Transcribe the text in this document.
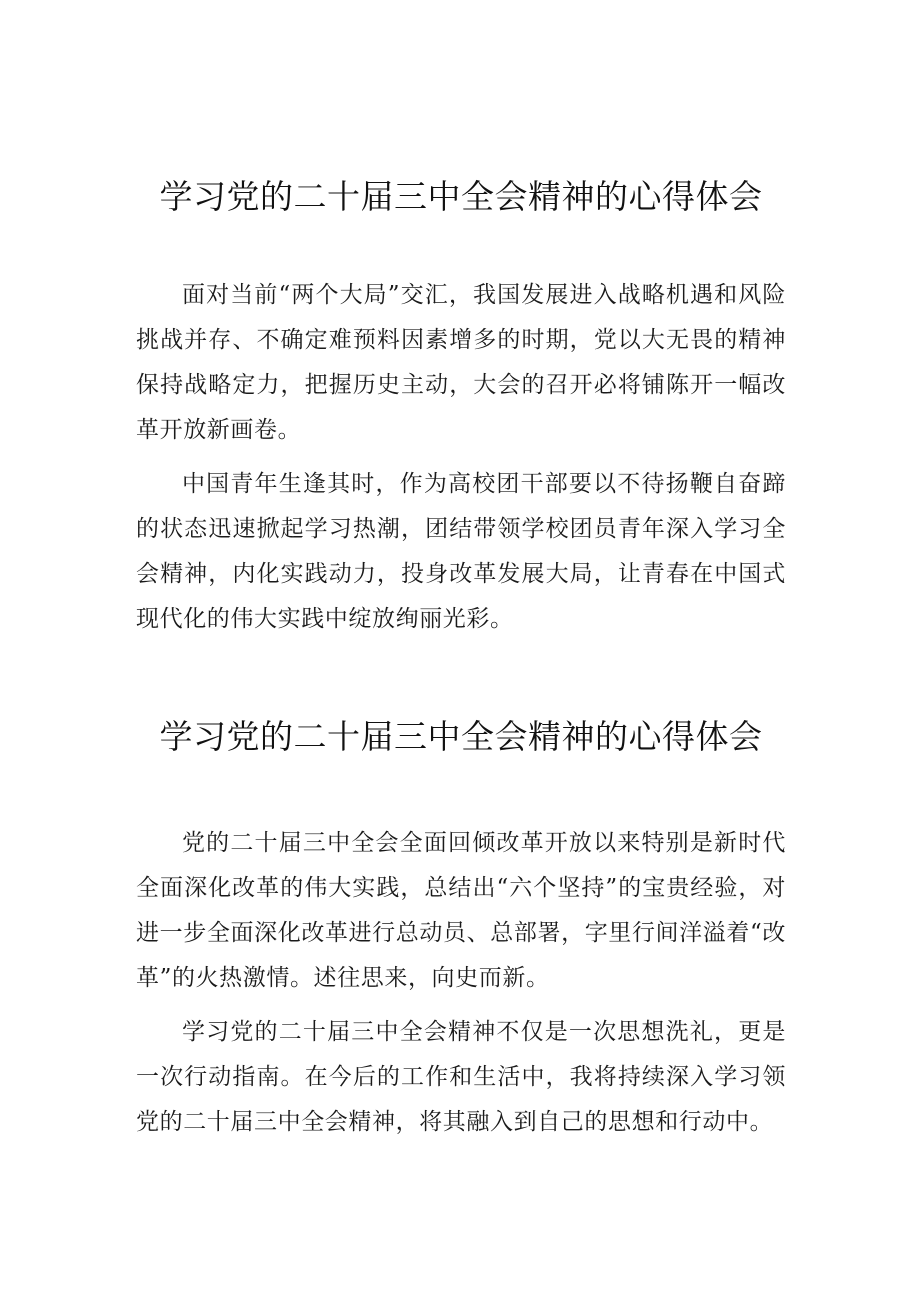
学习党的二十届三中全会精神的心得体会

面对当前“两个大局”交汇，我国发展进入战略机遇和风险挑战并存、不确定难预料因素增多的时期，党以大无畏的精神保持战略定力，把握历史主动，大会的召开必将铺陈开一幅改革开放新画卷。

中国青年生逢其时，作为高校团干部要以不待扬鞭自奋蹄的状态迅速掀起学习热潮，团结带领学校团员青年深入学习全会精神，内化实践动力，投身改革发展大局，让青春在中国式现代化的伟大实践中绽放绚丽光彩。

学习党的二十届三中全会精神的心得体会

党的二十届三中全会全面回倾改革开放以来特别是新时代全面深化改革的伟大实践，总结出“六个坚持”的宝贵经验，对进一步全面深化改革进行总动员、总部署，字里行间洋溢着“改革”的火热激情。述往思来，向史而新。

学习党的二十届三中全会精神不仅是一次思想洗礼，更是一次行动指南。在今后的工作和生活中，我将持续深入学习领党的二十届三中全会精神，将其融入到自己的思想和行动中。
